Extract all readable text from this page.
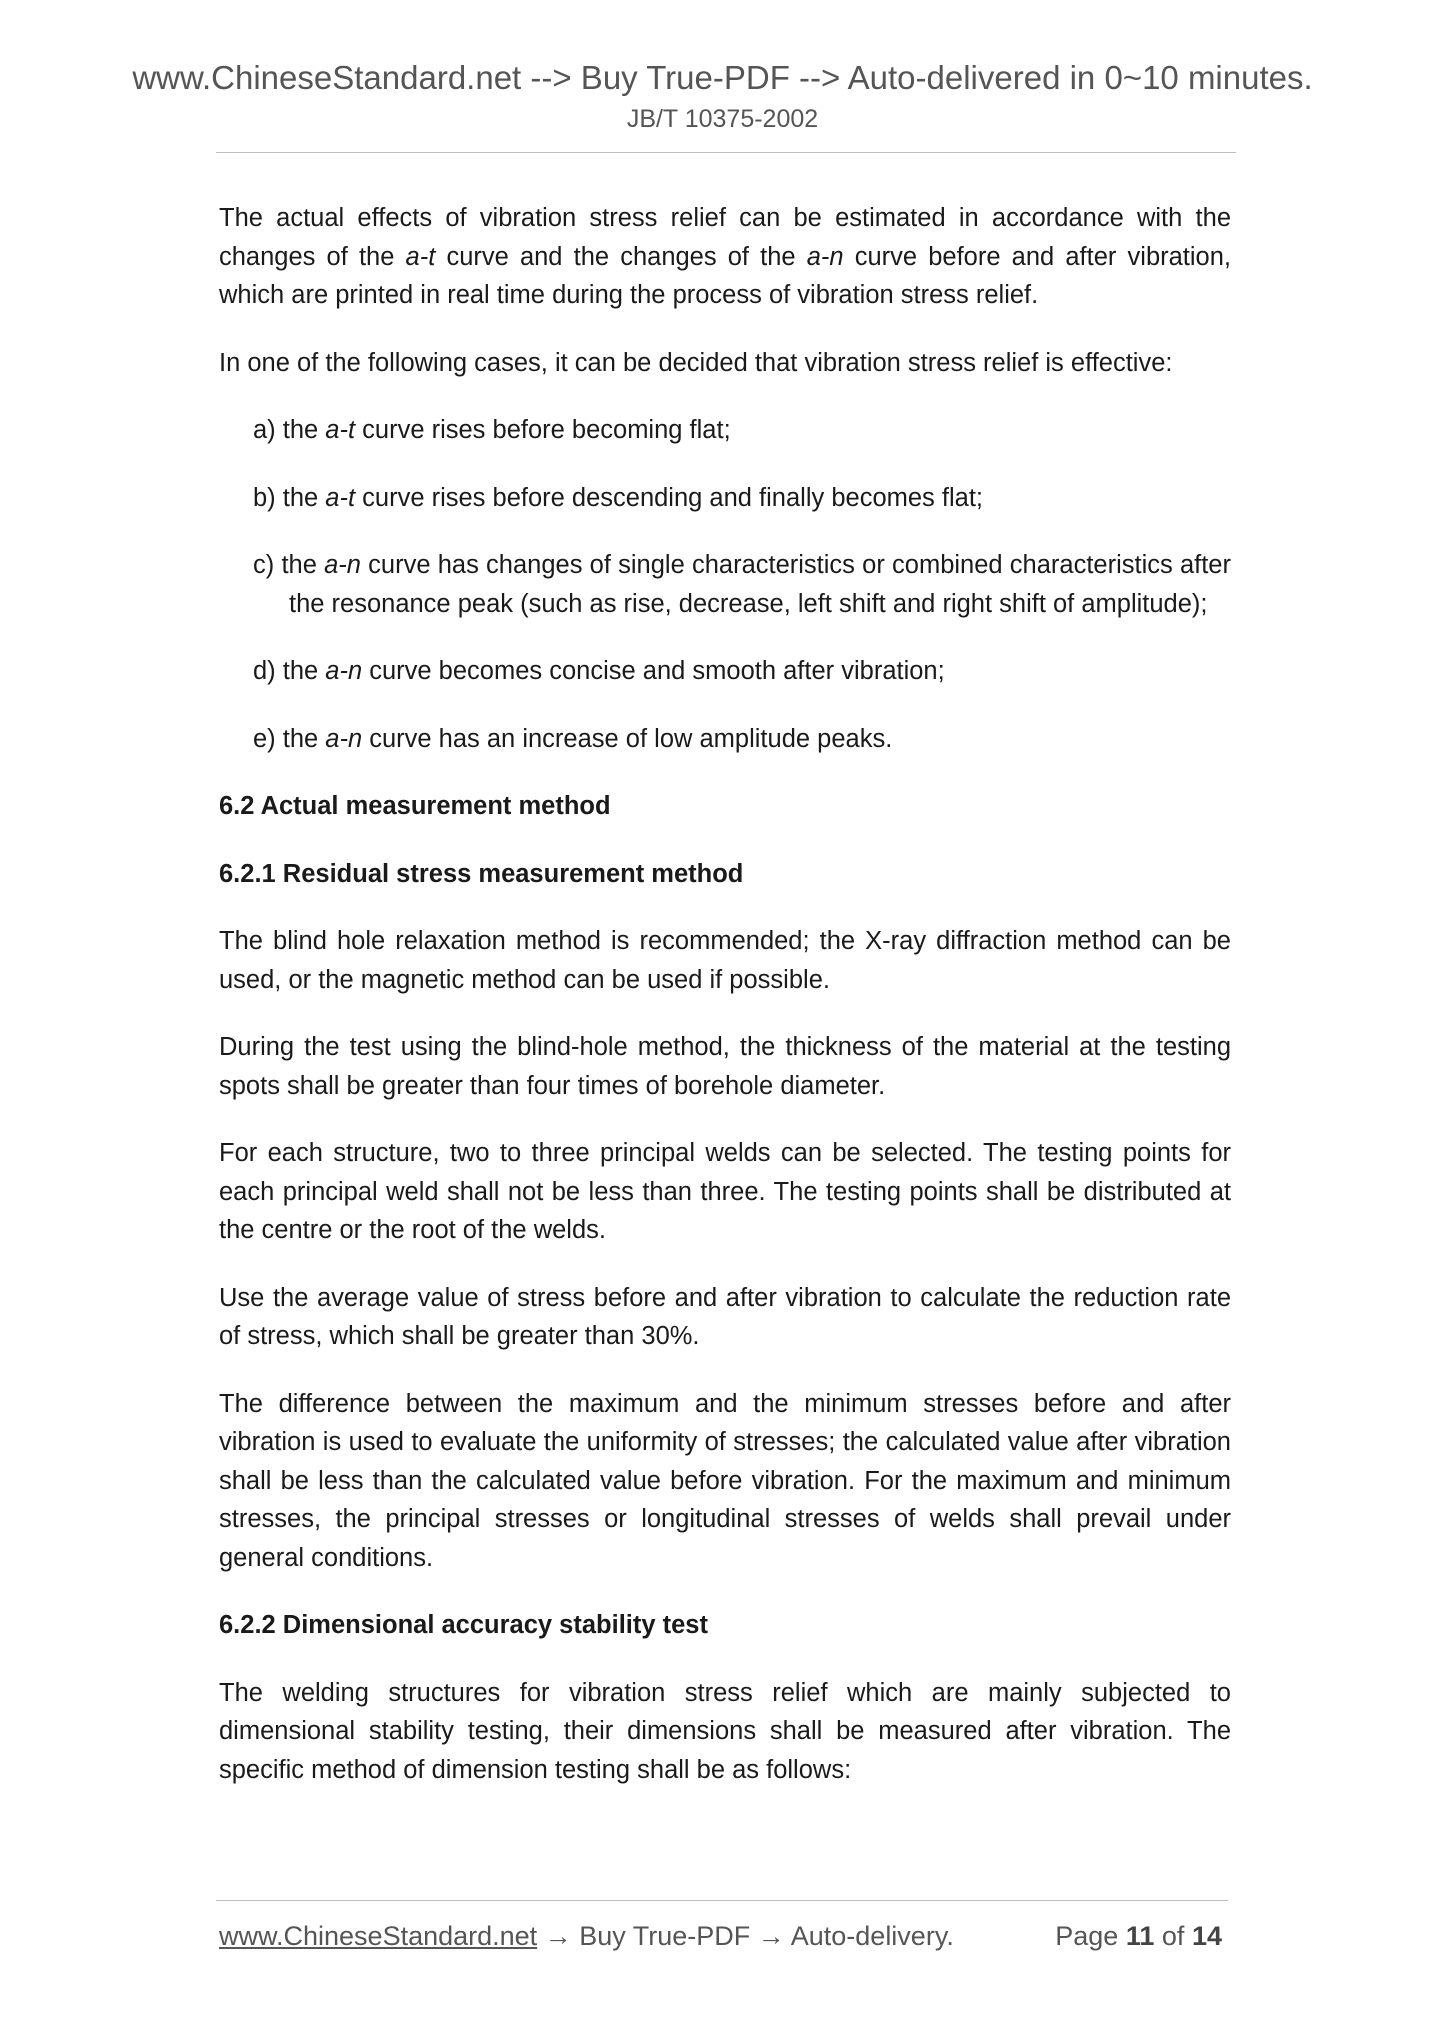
www.ChineseStandard.net --> Buy True-PDF --> Auto-delivered in 0~10 minutes.
JB/T 10375-2002

The actual effects of vibration stress relief can be estimated in accordance with the changes of the a-t curve and the changes of the a-n curve before and after vibration, which are printed in real time during the process of vibration stress relief.

In one of the following cases, it can be decided that vibration stress relief is effective:

a) the a-t curve rises before becoming flat;

b) the a-t curve rises before descending and finally becomes flat;

c) the a-n curve has changes of single characteristics or combined characteristics after the resonance peak (such as rise, decrease, left shift and right shift of amplitude);

d) the a-n curve becomes concise and smooth after vibration;

e) the a-n curve has an increase of low amplitude peaks.

6.2 Actual measurement method

6.2.1 Residual stress measurement method

The blind hole relaxation method is recommended; the X-ray diffraction method can be used, or the magnetic method can be used if possible.

During the test using the blind-hole method, the thickness of the material at the testing spots shall be greater than four times of borehole diameter.

For each structure, two to three principal welds can be selected. The testing points for each principal weld shall not be less than three. The testing points shall be distributed at the centre or the root of the welds.

Use the average value of stress before and after vibration to calculate the reduction rate of stress, which shall be greater than 30%.

The difference between the maximum and the minimum stresses before and after vibration is used to evaluate the uniformity of stresses; the calculated value after vibration shall be less than the calculated value before vibration. For the maximum and minimum stresses, the principal stresses or longitudinal stresses of welds shall prevail under general conditions.

6.2.2 Dimensional accuracy stability test

The welding structures for vibration stress relief which are mainly subjected to dimensional stability testing, their dimensions shall be measured after vibration. The specific method of dimension testing shall be as follows:

www.ChineseStandard.net → Buy True-PDF → Auto-delivery.	Page 11 of 14
